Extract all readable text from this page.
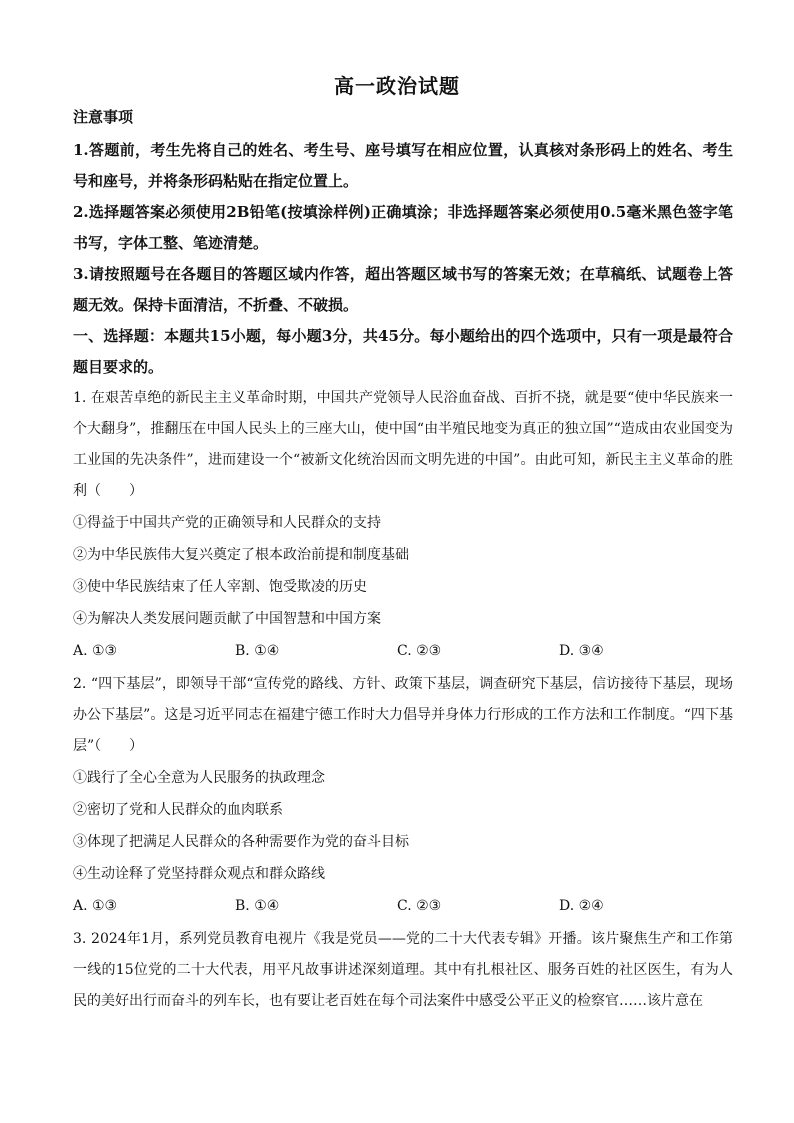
高一政治试题
注意事项

1.答题前，考生先将自己的姓名、考生号、座号填写在相应位置，认真核对条形码上的姓名、考生号和座号，并将条形码粘贴在指定位置上。

2.选择题答案必须使用2B铅笔(按填涂样例)正确填涂；非选择题答案必须使用0.5毫米黑色签字笔书写，字体工整、笔迹清楚。

3.请按照题号在各题目的答题区域内作答，超出答题区域书写的答案无效；在草稿纸、试题卷上答题无效。保持卡面清洁，不折叠、不破损。

一、选择题：本题共15小题，每小题3分，共45分。每小题给出的四个选项中，只有一项是最符合题目要求的。

1. 在艰苦卓绝的新民主主义革命时期，中国共产党领导人民浴血奋战、百折不挠，就是要“使中华民族来一个大翻身”，推翻压在中国人民头上的三座大山，使中国“由半殖民地变为真正的独立国”“造成由农业国变为工业国的先决条件”，进而建设一个“被新文化统治因而文明先进的中国”。由此可知，新民主主义革命的胜利（　　）

①得益于中国共产党的正确领导和人民群众的支持

②为中华民族伟大复兴奠定了根本政治前提和制度基础

③使中华民族结束了任人宰割、饱受欺凌的历史

④为解决人类发展问题贡献了中国智慧和中国方案

A. ①③	B. ①④	C. ②③	D. ③④

2. “四下基层”，即领导干部“宣传党的路线、方针、政策下基层，调查研究下基层，信访接待下基层，现场办公下基层”。这是习近平同志在福建宁德工作时大力倡导并身体力行形成的工作方法和工作制度。“四下基层”（　　）

①践行了全心全意为人民服务的执政理念

②密切了党和人民群众的血肉联系

③体现了把满足人民群众的各种需要作为党的奋斗目标

④生动诠释了党坚持群众观点和群众路线

A. ①③	B. ①④	C. ②③	D. ②④

3. 2024年1月，系列党员教育电视片《我是党员——党的二十大代表专辑》开播。该片聚焦生产和工作第一线的15位党的二十大代表，用平凡故事讲述深刻道理。其中有扎根社区、服务百姓的社区医生，有为人民的美好出行而奋斗的列车长，也有要让老百姓在每个司法案件中感受公平正义的检察官……该片意在
